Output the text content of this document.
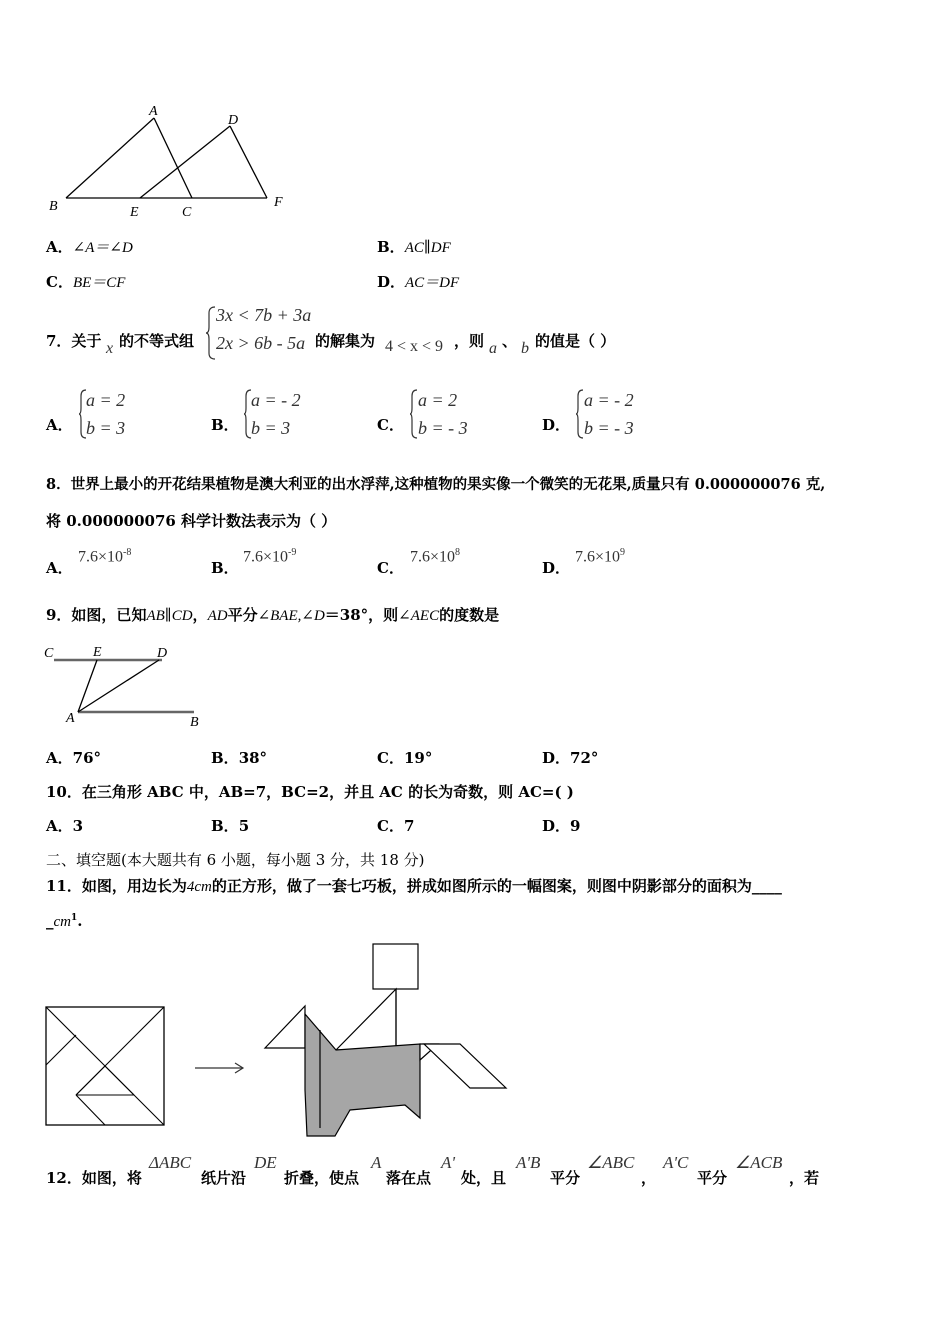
A
D
B	E	C
F
A．∠A＝∠D	B．AC∥DF
C．BE＝CF	D．AC＝DF
7．关于 x 的不等式组
3x < 7b + 3a
2x > 6b - 5a 的解集为 4 < x < 9 ，则 a 、 b 的值是（ ）
A．
a = 2
b = 3	B．
a = - 2
b = 3	C．
a = 2
b = - 3	D．
a = - 2
b = - 3
8．世界上最小的开花结果植物是澳大利亚的出水浮萍,这种植物的果实像一个微笑的无花果,质量只有 0.000000076 克,
将 0.000000076 科学计数法表示为（ ）
A．
$7.6\times 10^{-8}$
B．
$7.6\times 10^{-9}$
C．
$7.6\times 10^8$
D．
$7.6\times 10^9$
9．如图，已知AB∥CD，AD平分∠BAE,∠D＝38°，则∠AEC的度数是
C	E	D
A	B
A．76°	B．38°	C．19°	D．72°
10．在三角形 ABC 中，AB=7，BC=2，并且 AC 的长为奇数，则 AC=( )
A．3	B．5	C．7	D．9
二、填空题(本大题共有 6 小题，每小题 3 分，共 18 分)
11．如图，用边长为4cm的正方形，做了一套七巧板，拼成如图所示的一幅图案，则图中阴影部分的面积为____
$\_cm^1$.
12．如图，将
ΔABC
纸片沿
DE
折叠，使点
A
落在点
A'
处，且
A'B
平分
∠ABC
，
A'C
平分
∠ACB
，若
